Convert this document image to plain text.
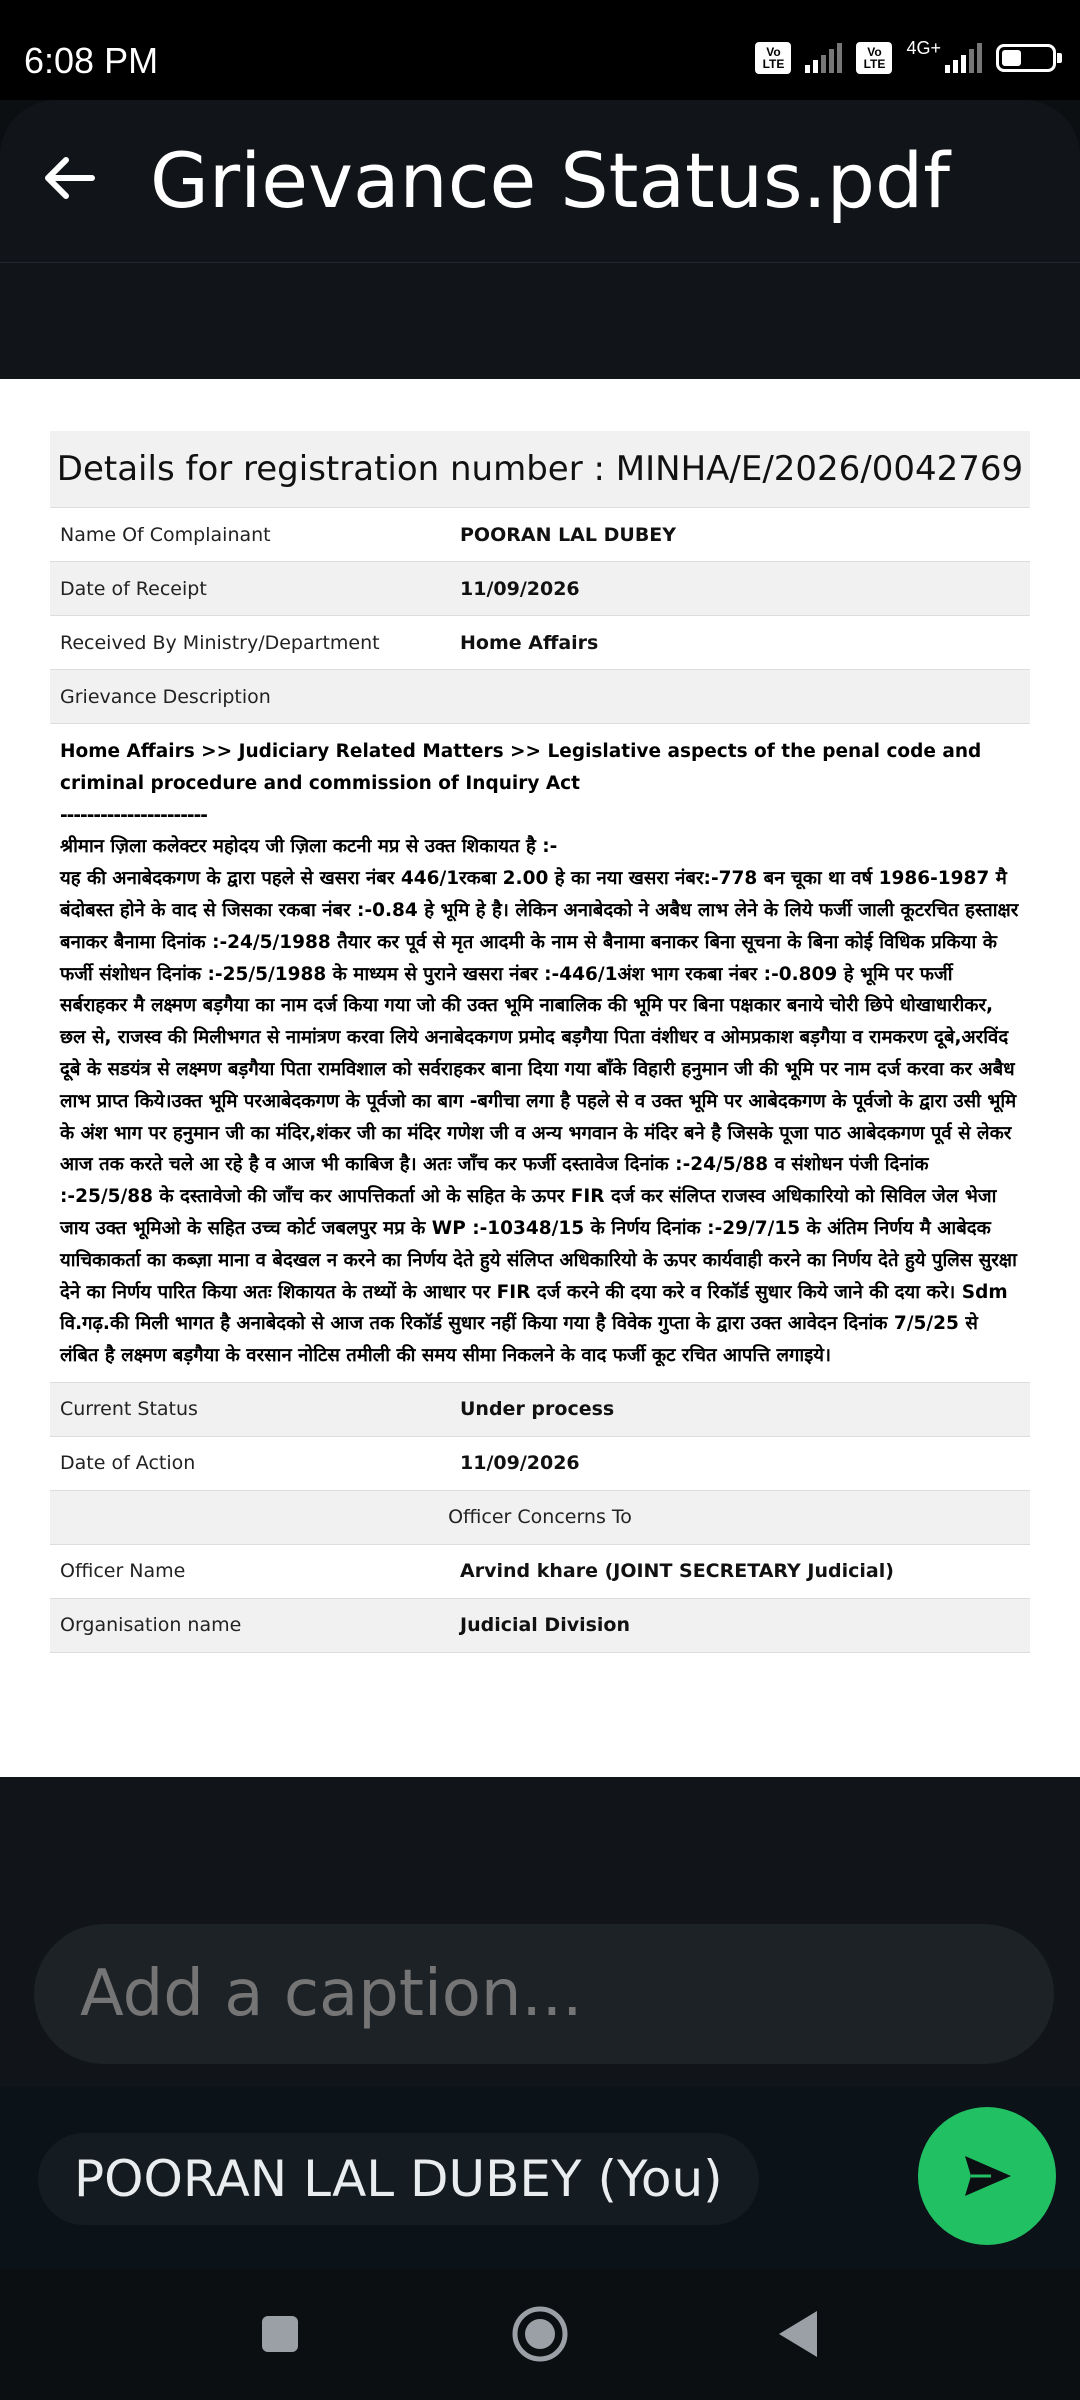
6:08 PM	Vo LTE
Vo LTE
4G+
Grievance Status.pdf
Details for registration number : MINHA/E/2026/0042769
Name Of Complainant	POORAN LAL DUBEY
Date of Receipt	11/09/2026
Received By Ministry/Department	Home Affairs
Grievance Description
Home Affairs >> Judiciary Related Matters >> Legislative aspects of the penal code and criminal procedure and commission of Inquiry Act
----------------------
श्रीमान ज़िला कलेक्टर महोदय जी ज़िला कटनी मप्र से उक्त शिकायत है :-
यह की अनाबेदकगण के द्वारा पहले से खसरा नंबर 446/1रकबा 2.00 हे का नया खसरा नंबर:-778 बन चूका था वर्ष 1986-1987 मै बंदोबस्त होने के वाद से जिसका रकबा नंबर :-0.84 हे भूमि हे है। लेकिन अनाबेदको ने अबैध लाभ लेने के लिये फर्जी जाली कूटरचित हस्ताक्षर बनाकर बैनामा दिनांक :-24/5/1988 तैयार कर पूर्व से मृत आदमी के नाम से बैनामा बनाकर बिना सूचना के बिना कोई विधिक प्रकिया के फर्जी संशोधन दिनांक :-25/5/1988 के माध्यम से पुराने खसरा नंबर :-446/1अंश भाग रकबा नंबर :-0.809 हे भूमि पर फर्जी सर्बराहकर मै लक्ष्मण बड़गैया का नाम दर्ज किया गया जो की उक्त भूमि नाबालिक की भूमि पर बिना पक्षकार बनाये चोरी छिपे धोखाधारीकर, छल से, राजस्व की मिलीभगत से नामांत्रण करवा लिये अनाबेदकगण प्रमोद बड़गैया पिता वंशीधर व ओमप्रकाश बड़गैया व रामकरण दूबे,अरविंद दूबे के सडयंत्र से लक्ष्मण बड़गैया पिता रामविशाल को सर्वराहकर बाना दिया गया बाँके विहारी हनुमान जी की भूमि पर नाम दर्ज करवा कर अबैध लाभ प्राप्त किये।उक्त भूमि परआबेदकगण के पूर्वजो का बाग -बगीचा लगा है पहले से व उक्त भूमि पर आबेदकगण के पूर्वजो के द्वारा उसी भूमि के अंश भाग पर हनुमान जी का मंदिर,शंकर जी का मंदिर गणेश जी व अन्य भगवान के मंदिर बने है जिसके पूजा पाठ आबेदकगण पूर्व से लेकर आज तक करते चले आ रहे है व आज भी काबिज है। अतः जाँच कर फर्जी दस्तावेज दिनांक :-24/5/88 व संशोधन पंजी दिनांक :-25/5/88 के दस्तावेजो की जाँच कर आपत्तिकर्ता ओ के सहित के ऊपर FIR दर्ज कर संलिप्त राजस्व अधिकारियो को सिविल जेल भेजा जाय उक्त भूमिओ के सहित उच्च कोर्ट जबलपुर मप्र के WP :-10348/15 के निर्णय दिनांक :-29/7/15 के अंतिम निर्णय मै आबेदक याचिकाकर्ता का कब्ज़ा माना व बेदखल न करने का निर्णय देते हुये संलिप्त अधिकारियो के ऊपर कार्यवाही करने का निर्णय देते हुये पुलिस सुरक्षा देने का निर्णय पारित किया अतः शिकायत के तथ्यों के आधार पर FIR दर्ज करने की दया करे व रिकॉर्ड सुधार किये जाने की दया करे। Sdm वि.गढ़.की मिली भागत है अनाबेदको से आज तक रिकॉर्ड सुधार नहीं किया गया है विवेक गुप्ता के द्वारा उक्त आवेदन दिनांक 7/5/25 से लंबित है लक्ष्मण बड़गैया के वरसान नोटिस तमीली की समय सीमा निकलने के वाद फर्जी कूट रचित आपत्ति लगाइये।
Current Status	Under process
Date of Action	11/09/2026
Officer Concerns To
Officer Name	Arvind khare (JOINT SECRETARY Judicial)
Organisation name	Judicial Division
Add a caption...
POORAN LAL DUBEY (You)
